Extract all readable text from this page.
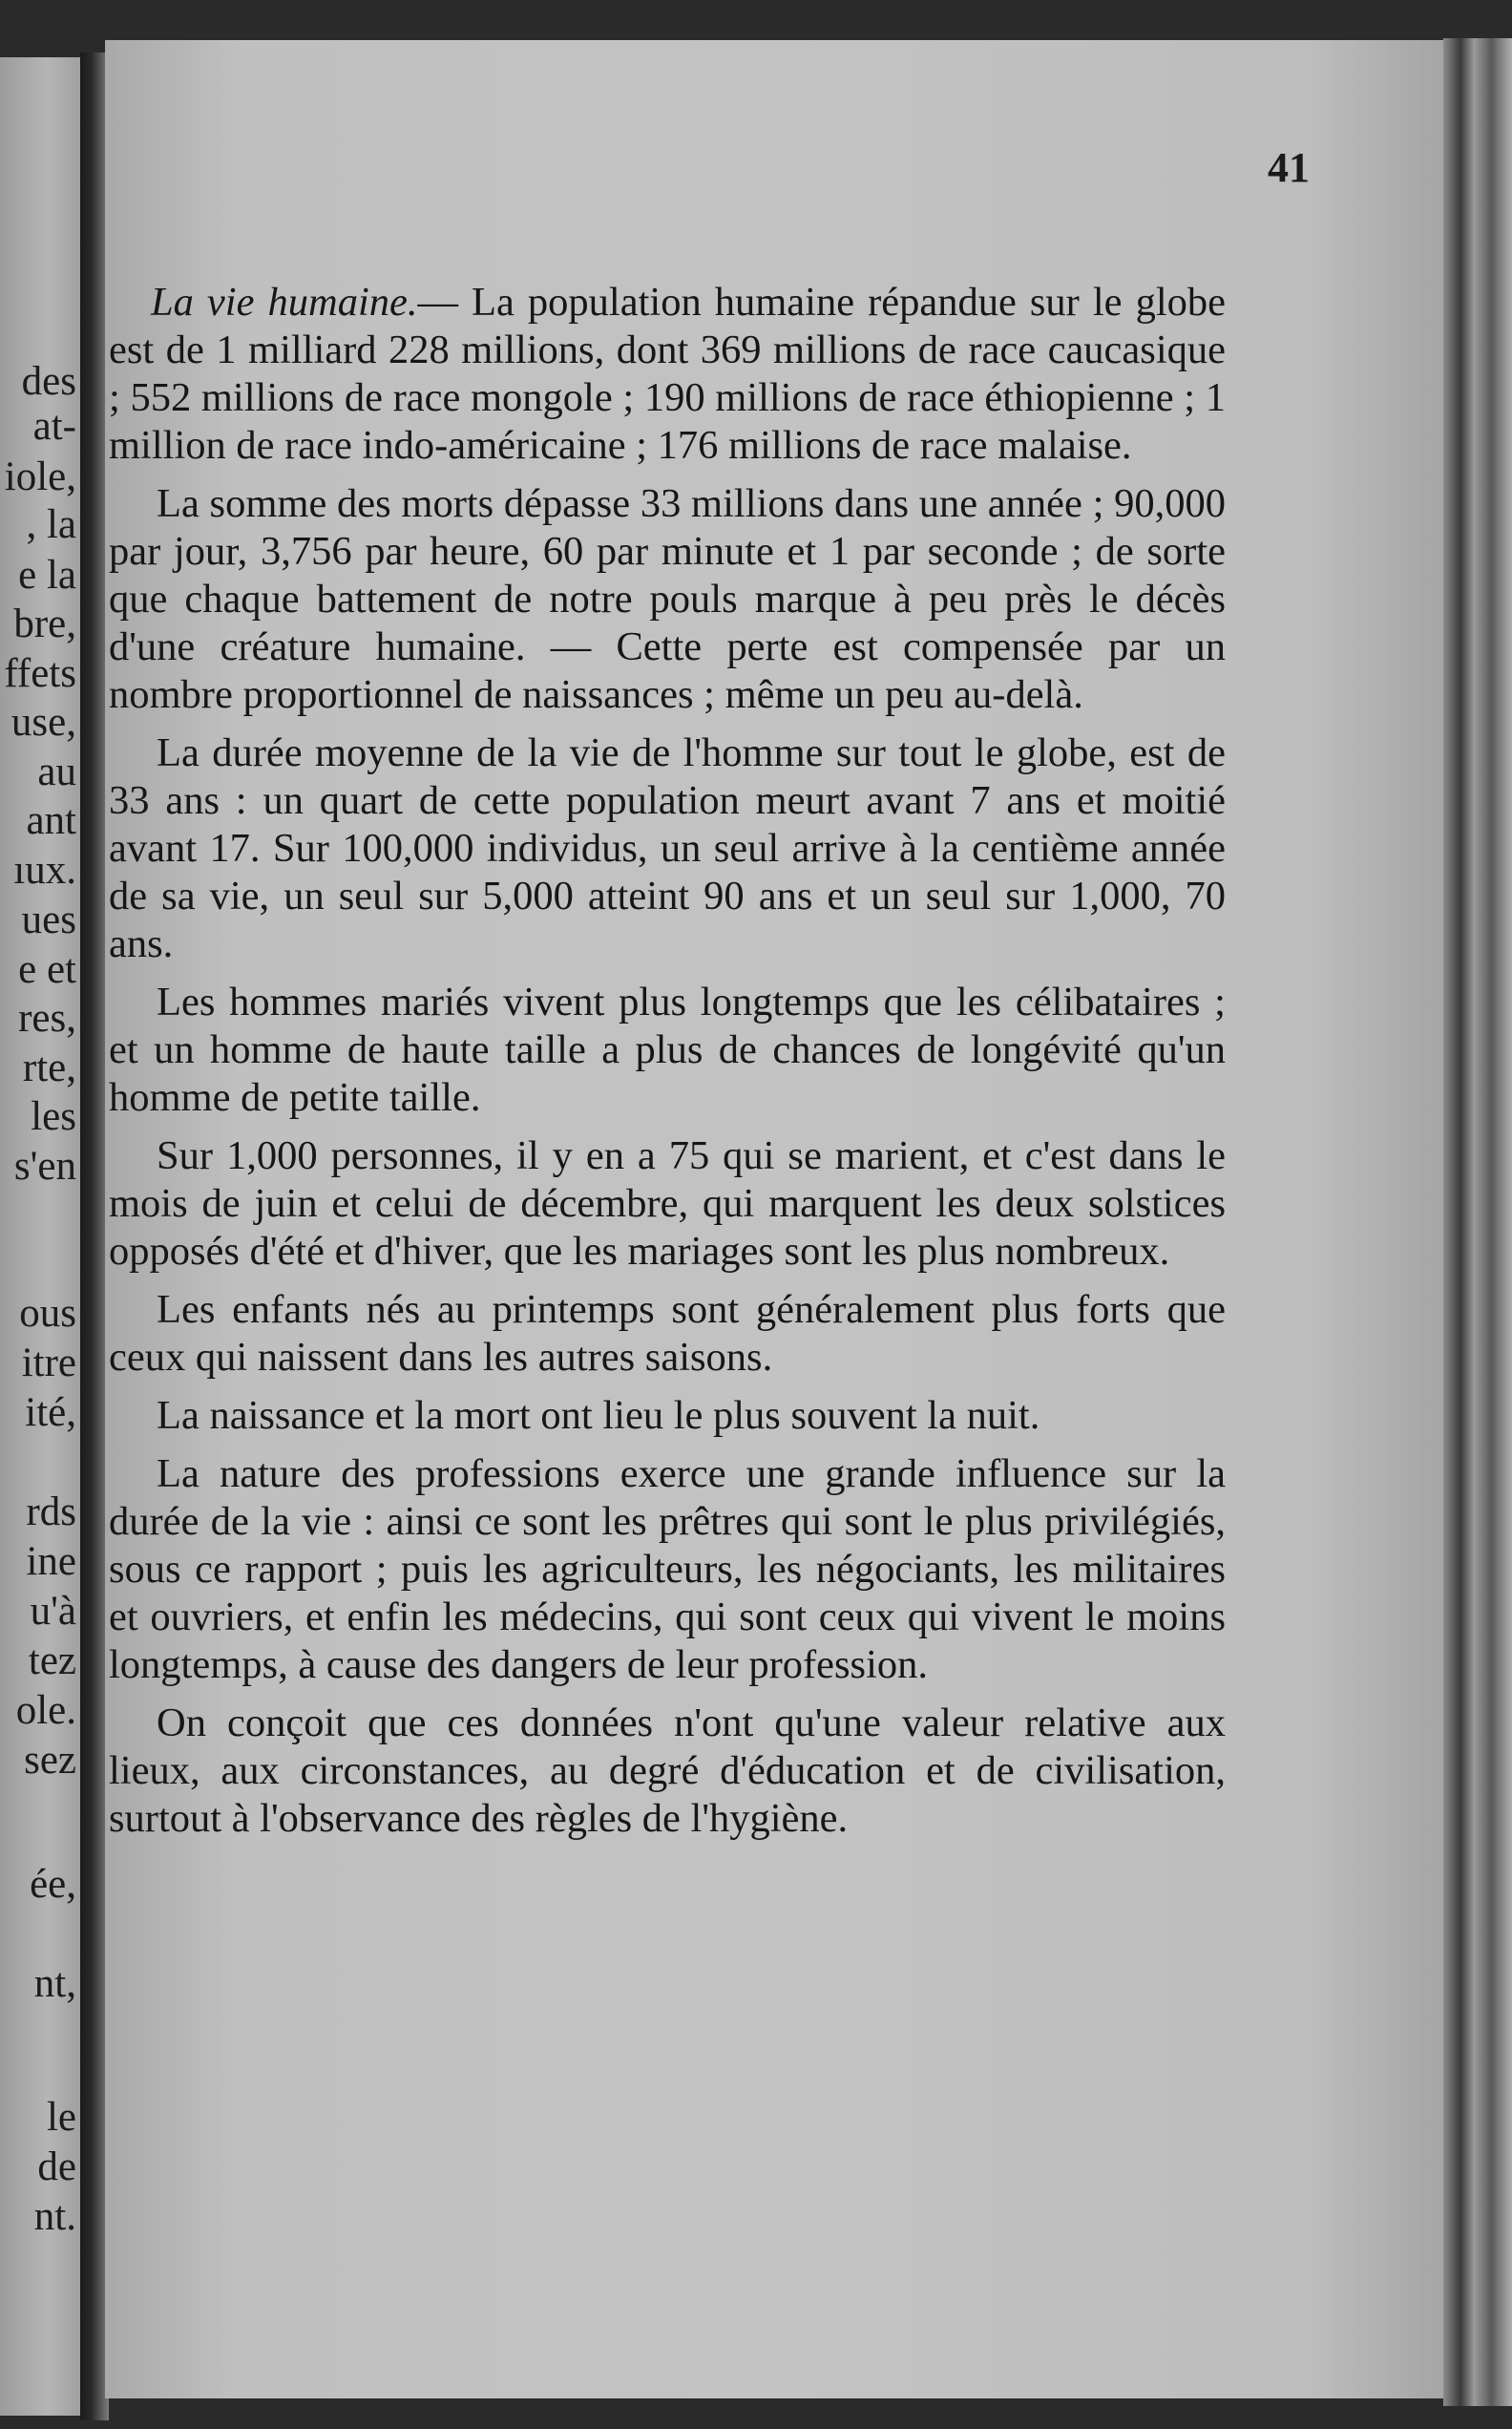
des
at-
iole,
, la
e la
bre,
ffets
use,
au
ant
ıux.
ues
e et
res,
rte,
les
s'en
ous
itre
ité,
rds
ine
u'à
tez
ole.
sez
ée,
nt,
le
de
nt.
41

La vie humaine.— La population humaine répandue sur le globe est de 1 milliard 228 millions, dont 369 millions de race caucasique ; 552 millions de race mongole ; 190 millions de race éthiopienne ; 1 million de race indo-américaine ; 176 millions de race malaise.

La somme des morts dépasse 33 millions dans une année ; 90,000 par jour, 3,756 par heure, 60 par minute et 1 par seconde ; de sorte que chaque battement de notre pouls marque à peu près le décès d'une créature humaine. — Cette perte est compensée par un nombre proportionnel de naissances ; même un peu au-delà.

La durée moyenne de la vie de l'homme sur tout le globe, est de 33 ans : un quart de cette population meurt avant 7 ans et moitié avant 17. Sur 100,000 individus, un seul arrive à la centième année de sa vie, un seul sur 5,000 atteint 90 ans et un seul sur 1,000, 70 ans.

Les hommes mariés vivent plus longtemps que les célibataires ; et un homme de haute taille a plus de chances de longévité qu'un homme de petite taille.

Sur 1,000 personnes, il y en a 75 qui se marient, et c'est dans le mois de juin et celui de décembre, qui marquent les deux solstices opposés d'été et d'hiver, que les mariages sont les plus nombreux.

Les enfants nés au printemps sont généralement plus forts que ceux qui naissent dans les autres saisons.

La naissance et la mort ont lieu le plus souvent la nuit.

La nature des professions exerce une grande influence sur la durée de la vie : ainsi ce sont les prêtres qui sont le plus privilégiés, sous ce rapport ; puis les agriculteurs, les négociants, les militaires et ouvriers, et enfin les médecins, qui sont ceux qui vivent le moins longtemps, à cause des dangers de leur profession.

On conçoit que ces données n'ont qu'une valeur relative aux lieux, aux circonstances, au degré d'éducation et de civilisation, surtout à l'observance des règles de l'hygiène.
